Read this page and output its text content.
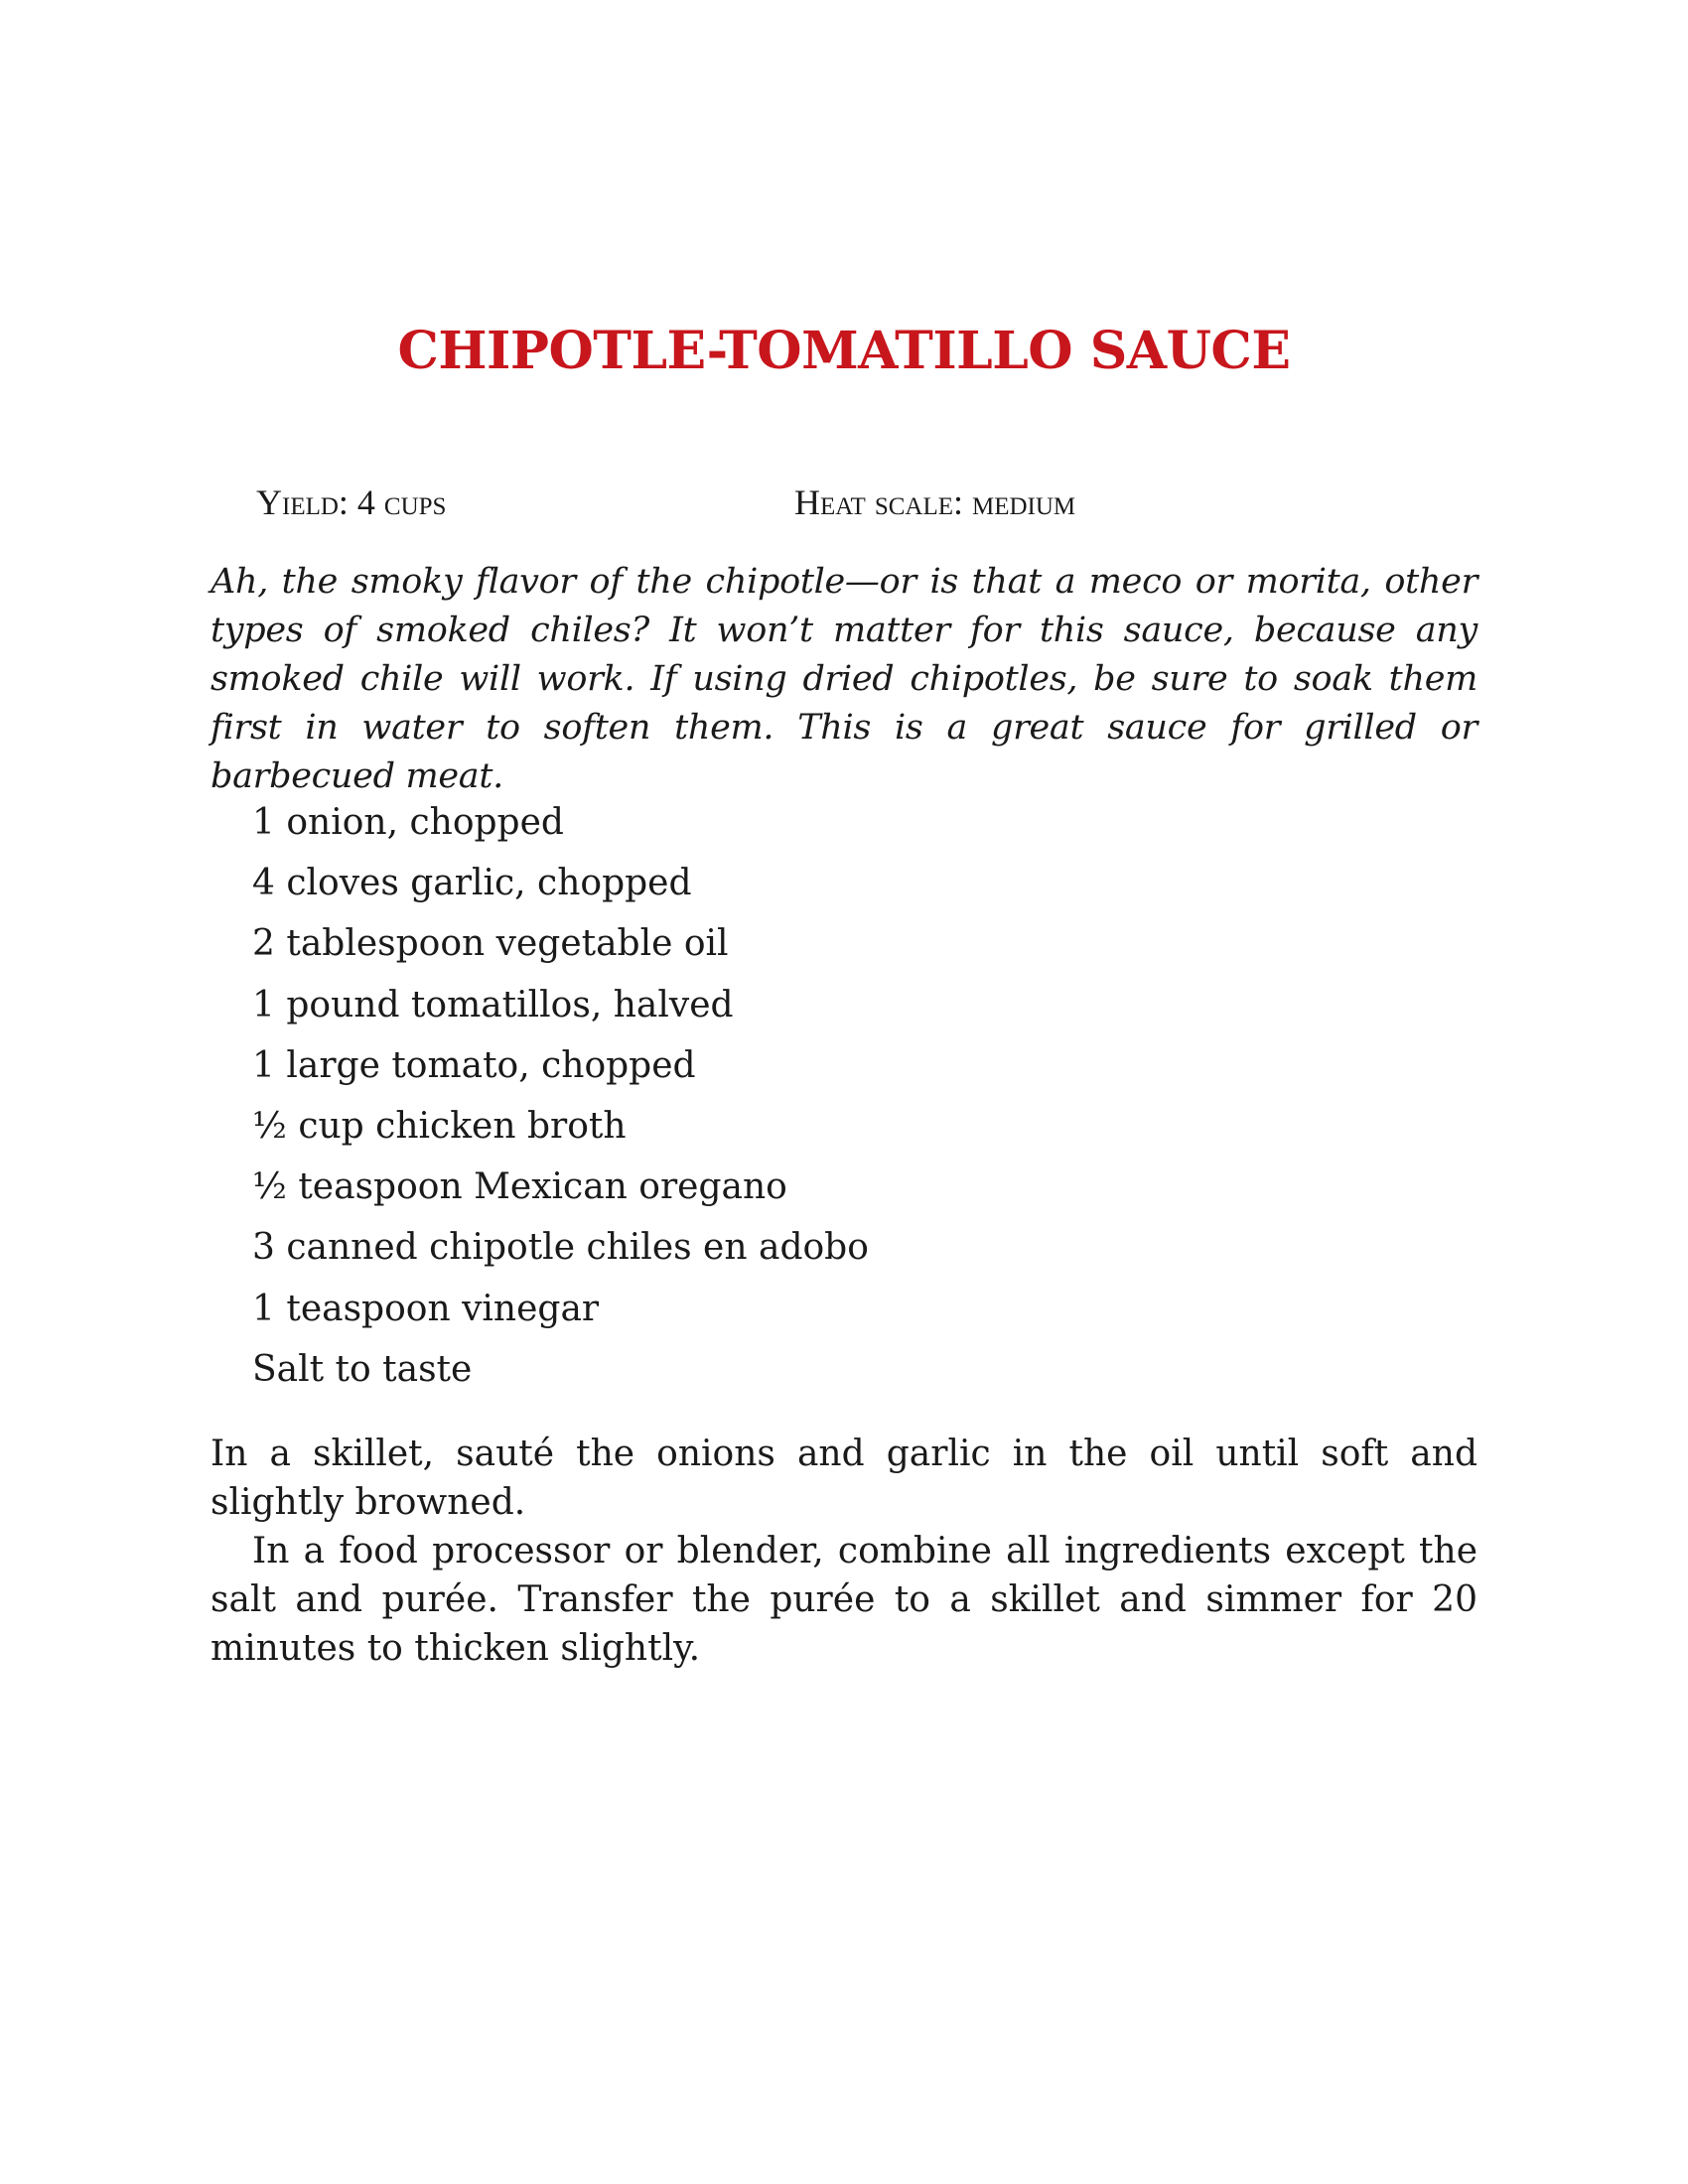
CHIPOTLE-TOMATILLO SAUCE
Yield: 4 cups	Heat scale: medium

Ah, the smoky flavor of the chipotle—or is that a meco or morita, other types of smoked chiles? It won’t matter for this sauce, because any smoked chile will work. If using dried chipotles, be sure to soak them first in water to soften them. This is a great sauce for grilled or barbecued meat.

1 onion, chopped
4 cloves garlic, chopped
2 tablespoon vegetable oil
1 pound tomatillos, halved
1 large tomato, chopped
½ cup chicken broth
½ teaspoon Mexican oregano
3 canned chipotle chiles en adobo
1 teaspoon vinegar
Salt to taste

In a skillet, sauté the onions and garlic in the oil until soft and slightly browned.

In a food processor or blender, combine all ingredients except the salt and purée. Transfer the purée to a skillet and simmer for 20 minutes to thicken slightly.
